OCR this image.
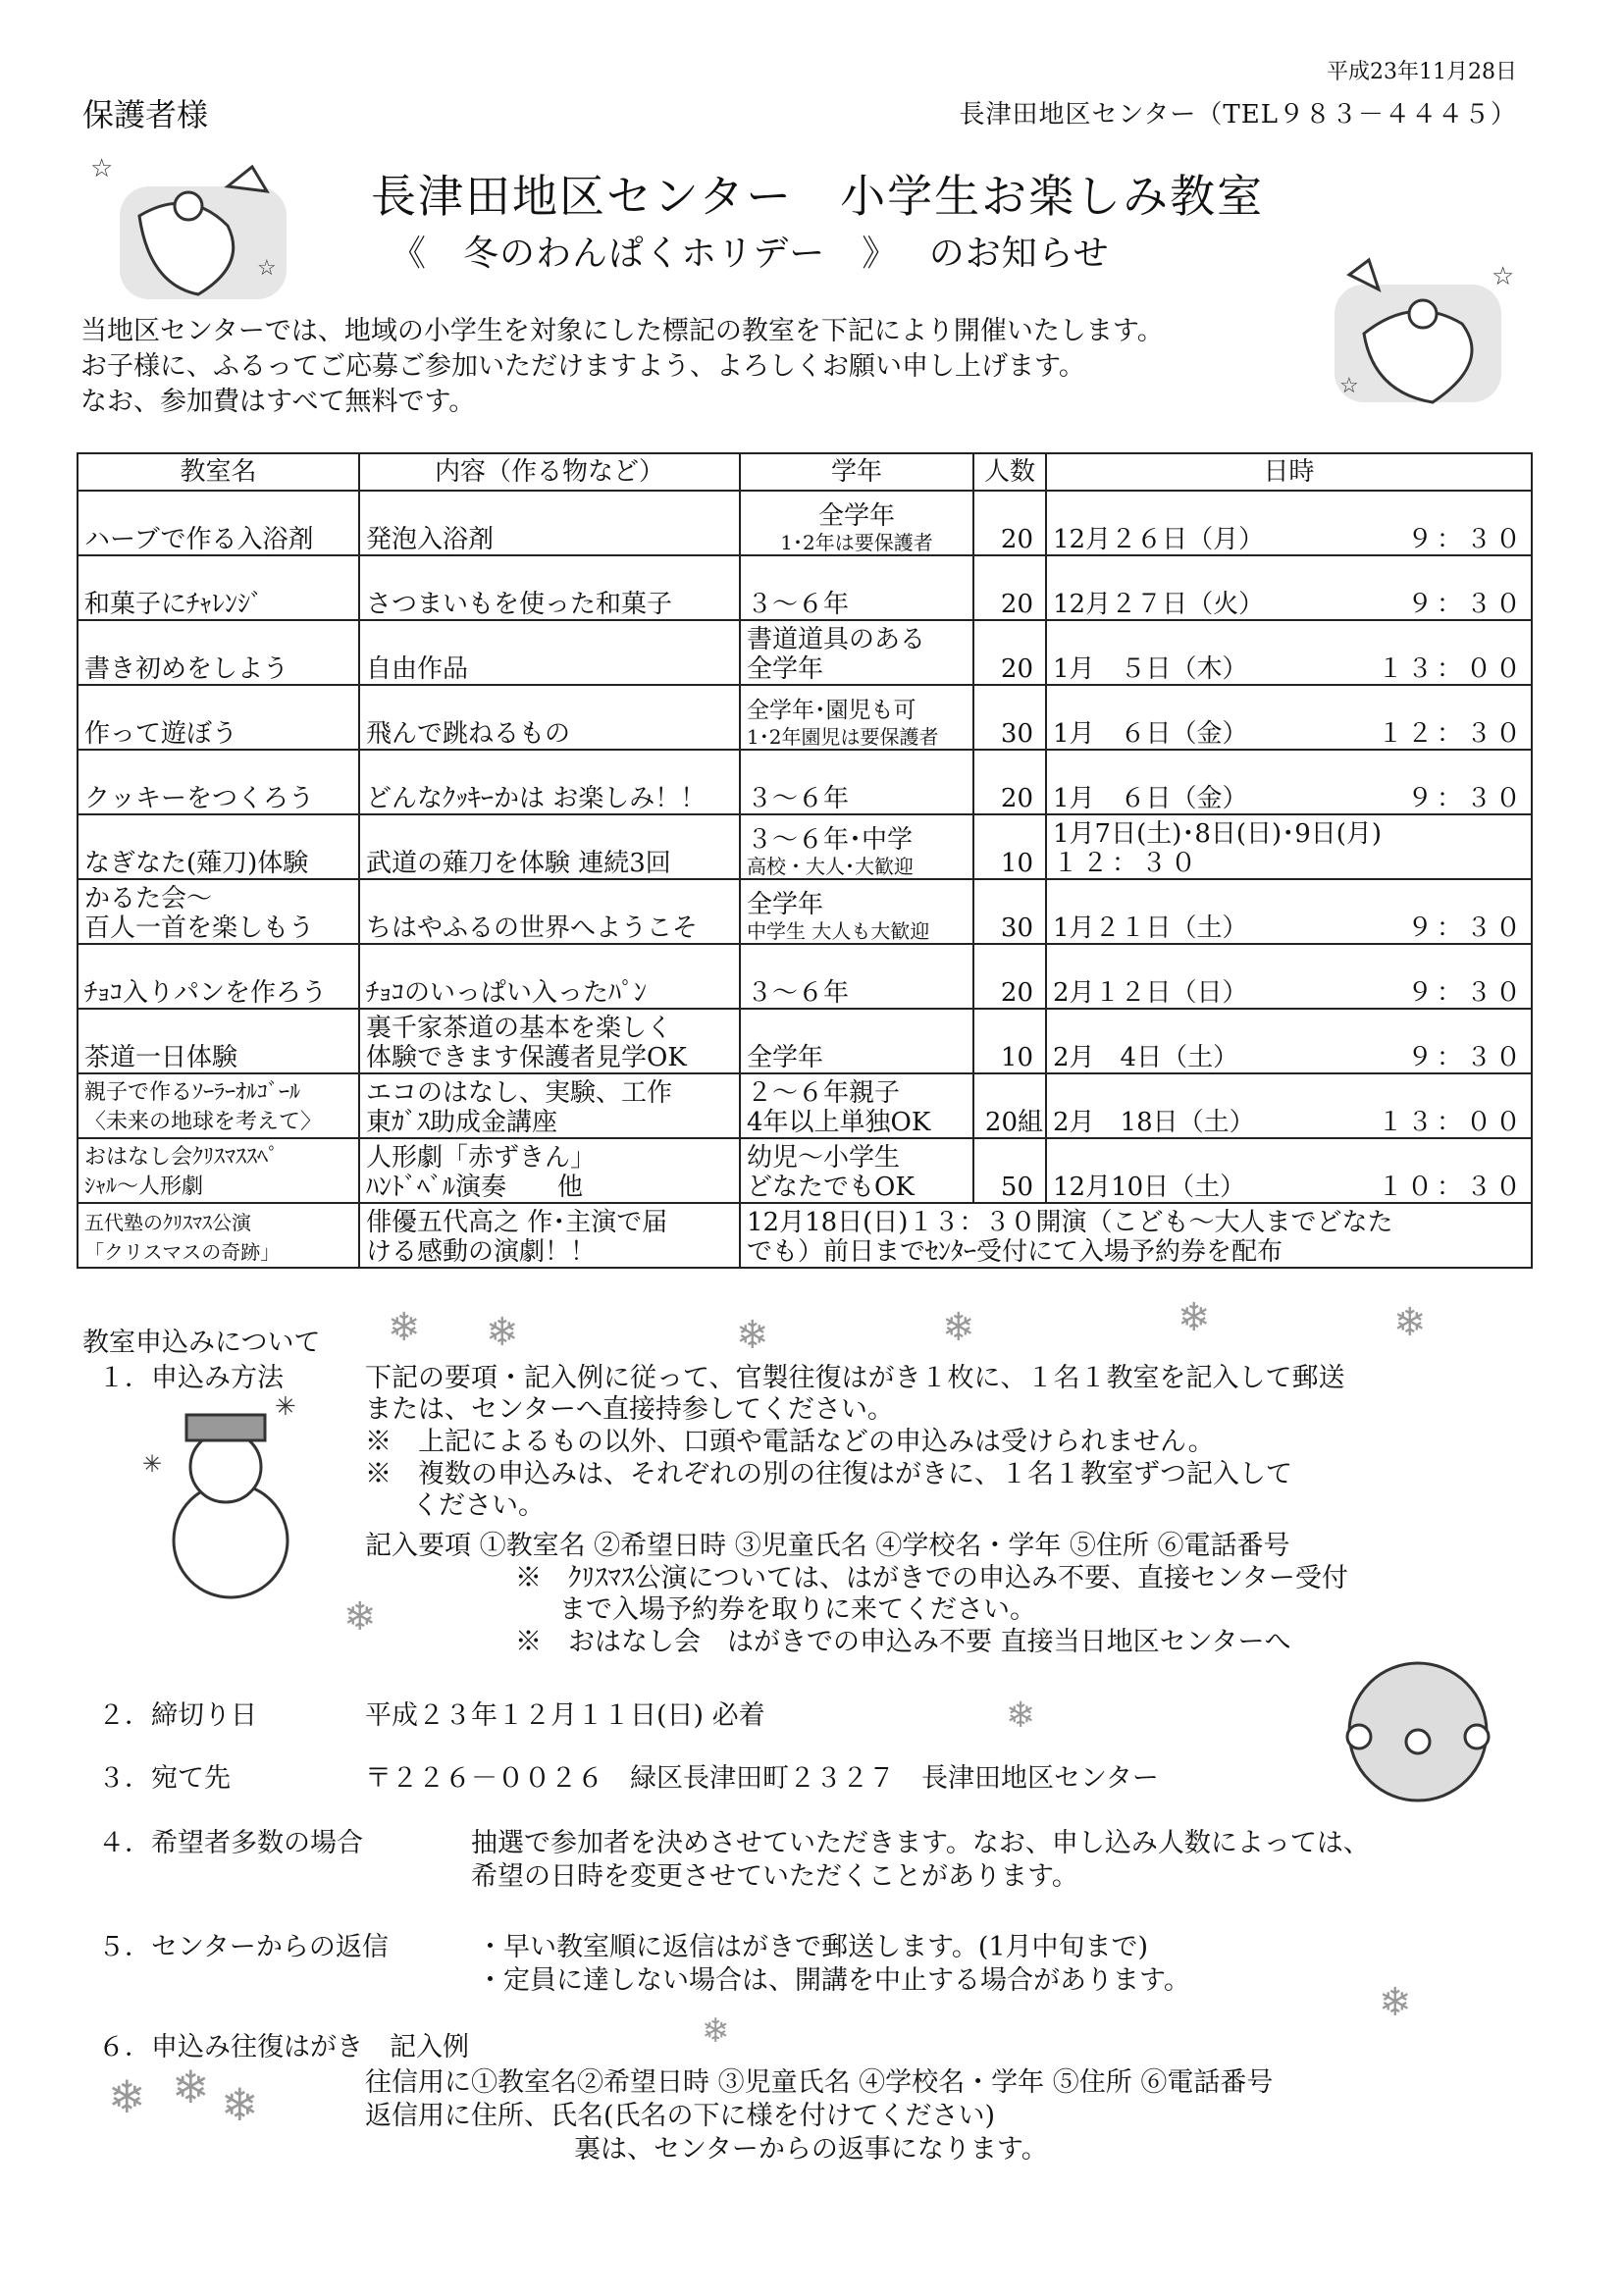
平成23年11月28日
長津田地区センター（TEL９８３－４４４５）
保護者様
長津田地区センター　小学生お楽しみ教室
《　冬のわんぱくホリデー　》　 のお知らせ
☆
☆	☆
☆
✳
✳
❄ ❄	❄	❄	❄	❄
❄
❄
❄
❄
❄ ❄ ❄
当地区センターでは、地域の小学生を対象にした標記の教室を下記により開催いたします。
お子様に、ふるってご応募ご参加いただけますよう、よろしくお願い申し上げます。
なお、参加費はすべて無料です。
教室名	内容（作る物など）	学年	人数	日時
ハーブで作る入浴剤	発泡入浴剤	全学年
1･2年は要保護者	20	12月２６日（月） ９：３０

和菓子にﾁｬﾚﾝｼﾞ	さつまいもを使った和菓子	３～６年	20	12月２７日（火） ９：３０

書き初めをしよう	自由作品	書道道具のある
全学年	20	1月　５日（木） １３：００

作って遊ぼう	飛んで跳ねるもの	全学年･園児も可
1･2年園児は要保護者	30	1月　６日（金） １２：３０

クッキーをつくろう	どんなｸｯｷｰかは お楽しみ！！	３～６年	20	1月　６日（金） ９：３０

なぎなた(薙刀)体験	武道の薙刀を体験 連続3回	３～６年･中学
高校・大人･大歓迎	10	1月7日(土)･8日(日)･9日(月)
１２：３０

かるた会～
百人一首を楽しもう	ちはやふるの世界へようこそ	全学年
中学生 大人も大歓迎	30	1月２１日（土） ９：３０

ﾁｮｺ入りパンを作ろう	ﾁｮｺのいっぱい入ったﾊﾟﾝ	３～６年	20	2月１２日（日） ９：３０

茶道一日体験	裏千家茶道の基本を楽しく
体験できます保護者見学OK	全学年	10	2月　4日（土） ９：３０

親子で作るｿｰﾗｰｵﾙｺﾞｰﾙ
〈未来の地球を考えて〉	エコのはなし、実験、工作
東ｶﾞｽ助成金講座	２～６年親子
4年以上単独OK	20組	2月　18日（土） １３：００

おはなし会ｸﾘｽﾏｽｽﾍﾟ
ｼｬﾙ～人形劇	人形劇「赤ずきん」
ﾊﾝﾄﾞﾍﾞﾙ演奏　　他	幼児～小学生
どなたでもOK	50	12月10日（土） １０：３０

五代塾のｸﾘｽﾏｽ公演
「クリスマスの奇跡」	俳優五代高之 作･主演で届
ける感動の演劇！！	12月18日(日)１３：３０開演（こども～大人までどなた
でも）前日までｾﾝﾀｰ受付にて入場予約券を配布		
教室申込みについて
１．申込み方法	下記の要項・記入例に従って、官製往復はがき１枚に、１名１教室を記入して郵送
または、センターへ直接持参してください。
※　上記によるもの以外、口頭や電話などの申込みは受けられません。
※　複数の申込みは、それぞれの別の往復はがきに、１名１教室ずつ記入して
ください。
記入要項 ①教室名 ②希望日時 ③児童氏名 ④学校名・学年 ⑤住所 ⑥電話番号
※　ｸﾘｽﾏｽ公演については、はがきでの申込み不要、直接センター受付
まで入場予約券を取りに来てください。
※　おはなし会　はがきでの申込み不要 直接当日地区センターへ
２．締切り日	平成２３年１２月１１日(日) 必着
３．宛て先	〒２２６－００２６　緑区長津田町２３２７　長津田地区センター
４．希望者多数の場合	抽選で参加者を決めさせていただきます。なお、申し込み人数によっては、
希望の日時を変更させていただくことがあります。
５．センターからの返信	・早い教室順に返信はがきで郵送します。(1月中旬まで)
・定員に達しない場合は、開講を中止する場合があります。
６．申込み往復はがき　記入例
往信用に①教室名②希望日時 ③児童氏名 ④学校名・学年 ⑤住所 ⑥電話番号
返信用に住所、氏名(氏名の下に様を付けてください)
裏は、センターからの返事になります。
